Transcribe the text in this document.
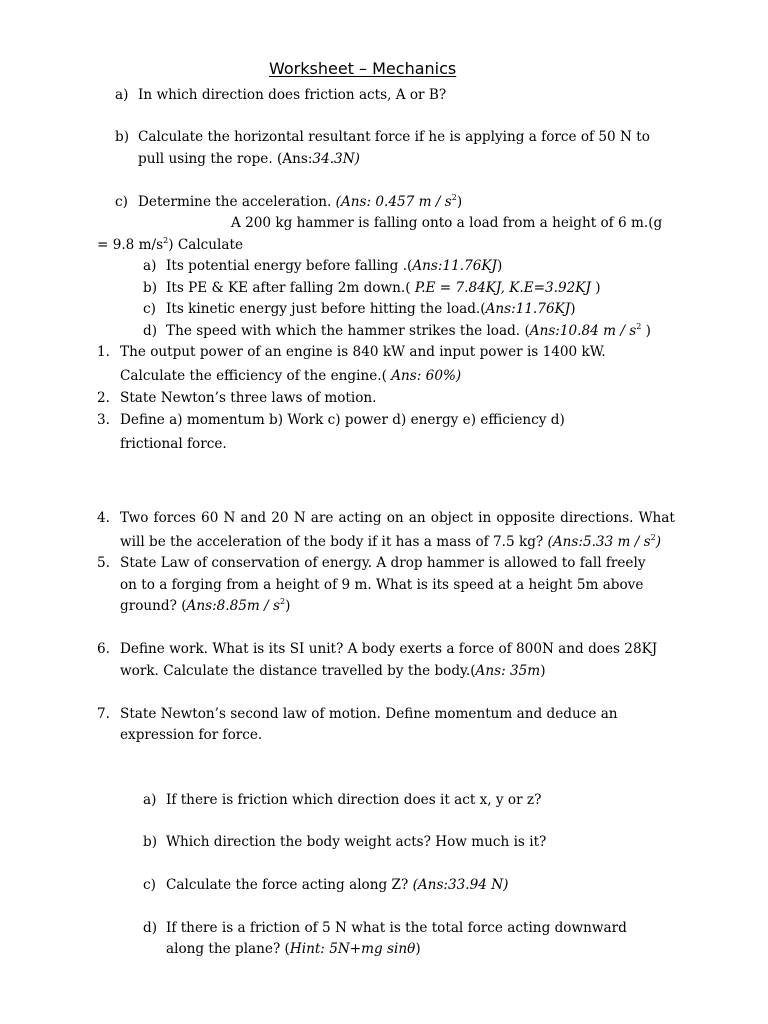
Worksheet – Mechanics
a) In which direction does friction acts, A or B?
b) Calculate the horizontal resultant force if he is applying a force of 50 N to
pull using the rope. (Ans:34.3N)
c) Determine the acceleration. (Ans: 0.457 m / $s^2$)
A 200 kg hammer is falling onto a load from a height of 6 m.(g
= 9.8 $m/s^2$) Calculate
a) Its potential energy before falling .(Ans:11.76KJ)
b) Its PE & KE after falling 2m down.( P.E = 7.84KJ, K.E=3.92KJ )
c) Its kinetic energy just before hitting the load.(Ans:11.76KJ)
d) The speed with which the hammer strikes the load. (Ans:10.84 m / $s^2$ )
1. The output power of an engine is 840 kW and input power is 1400 kW.
Calculate the efficiency of the engine.( Ans: 60%)
2. State Newton’s three laws of motion.
3. Define a) momentum b) Work c) power d) energy e) efficiency d)
frictional force.
4. Two forces 60 N and 20 N are acting on an object in opposite directions. What
will be the acceleration of the body if it has a mass of 7.5 kg? (Ans:5.33 m / $s^2$)
5. State Law of conservation of energy. A drop hammer is allowed to fall freely
on to a forging from a height of 9 m. What is its speed at a height 5m above
ground? (Ans:8.85m / $s^2$)
6. Define work. What is its SI unit? A body exerts a force of 800N and does 28KJ
work. Calculate the distance travelled by the body.(Ans: 35m)
7. State Newton’s second law of motion. Define momentum and deduce an
expression for force.
a) If there is friction which direction does it act x, y or z?
b) Which direction the body weight acts? How much is it?
c) Calculate the force acting along Z? (Ans:33.94 N)
d) If there is a friction of 5 N what is the total force acting downward
along the plane? (Hint: 5N+mg sinθ)
